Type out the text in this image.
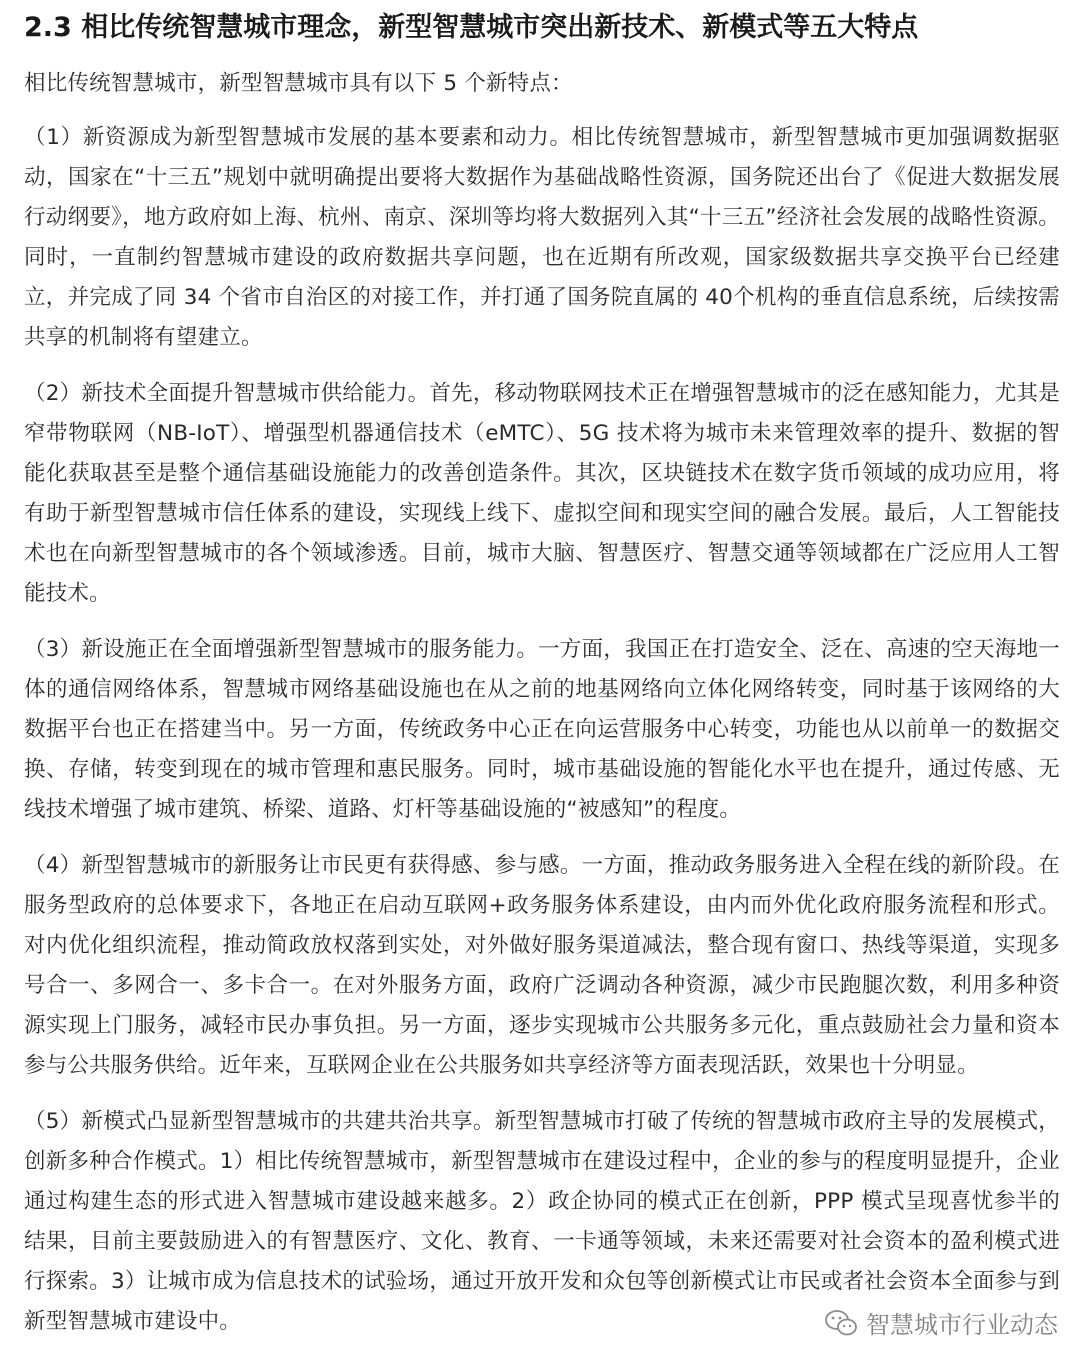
2.3 相比传统智慧城市理念，新型智慧城市突出新技术、新模式等五大特点

相比传统智慧城市，新型智慧城市具有以下 5 个新特点：

（1）新资源成为新型智慧城市发展的基本要素和动力。相比传统智慧城市，新型智慧城市更加强调数据驱动，国家在“十三五”规划中就明确提出要将大数据作为基础战略性资源，国务院还出台了《促进大数据发展行动纲要》，地方政府如上海、杭州、南京、深圳等均将大数据列入其“十三五”经济社会发展的战略性资源。同时，一直制约智慧城市建设的政府数据共享问题，也在近期有所改观，国家级数据共享交换平台已经建立，并完成了同 34 个省市自治区的对接工作，并打通了国务院直属的 40个机构的垂直信息系统，后续按需共享的机制将有望建立。

（2）新技术全面提升智慧城市供给能力。首先，移动物联网技术正在增强智慧城市的泛在感知能力，尤其是窄带物联网（NB-IoT）、增强型机器通信技术（eMTC）、5G 技术将为城市未来管理效率的提升、数据的智能化获取甚至是整个通信基础设施能力的改善创造条件。其次，区块链技术在数字货币领域的成功应用，将有助于新型智慧城市信任体系的建设，实现线上线下、虚拟空间和现实空间的融合发展。最后，人工智能技术也在向新型智慧城市的各个领域渗透。目前，城市大脑、智慧医疗、智慧交通等领域都在广泛应用人工智能技术。

（3）新设施正在全面增强新型智慧城市的服务能力。一方面，我国正在打造安全、泛在、高速的空天海地一体的通信网络体系，智慧城市网络基础设施也在从之前的地基网络向立体化网络转变，同时基于该网络的大数据平台也正在搭建当中。另一方面，传统政务中心正在向运营服务中心转变，功能也从以前单一的数据交换、存储，转变到现在的城市管理和惠民服务。同时，城市基础设施的智能化水平也在提升，通过传感、无线技术增强了城市建筑、桥梁、道路、灯杆等基础设施的“被感知”的程度。

（4）新型智慧城市的新服务让市民更有获得感、参与感。一方面，推动政务服务进入全程在线的新阶段。在服务型政府的总体要求下，各地正在启动互联网+政务服务体系建设，由内而外优化政府服务流程和形式。对内优化组织流程，推动简政放权落到实处，对外做好服务渠道减法，整合现有窗口、热线等渠道，实现多号合一、多网合一、多卡合一。在对外服务方面，政府广泛调动各种资源，减少市民跑腿次数，利用多种资源实现上门服务，减轻市民办事负担。另一方面，逐步实现城市公共服务多元化，重点鼓励社会力量和资本参与公共服务供给。近年来，互联网企业在公共服务如共享经济等方面表现活跃，效果也十分明显。

（5）新模式凸显新型智慧城市的共建共治共享。新型智慧城市打破了传统的智慧城市政府主导的发展模式，创新多种合作模式。1）相比传统智慧城市，新型智慧城市在建设过程中，企业的参与的程度明显提升，企业通过构建生态的形式进入智慧城市建设越来越多。2）政企协同的模式正在创新，PPP 模式呈现喜忧参半的结果，目前主要鼓励进入的有智慧医疗、文化、教育、一卡通等领域，未来还需要对社会资本的盈利模式进行探索。3）让城市成为信息技术的试验场，通过开放开发和众包等创新模式让市民或者社会资本全面参与到新型智慧城市建设中。	智慧城市行业动态
